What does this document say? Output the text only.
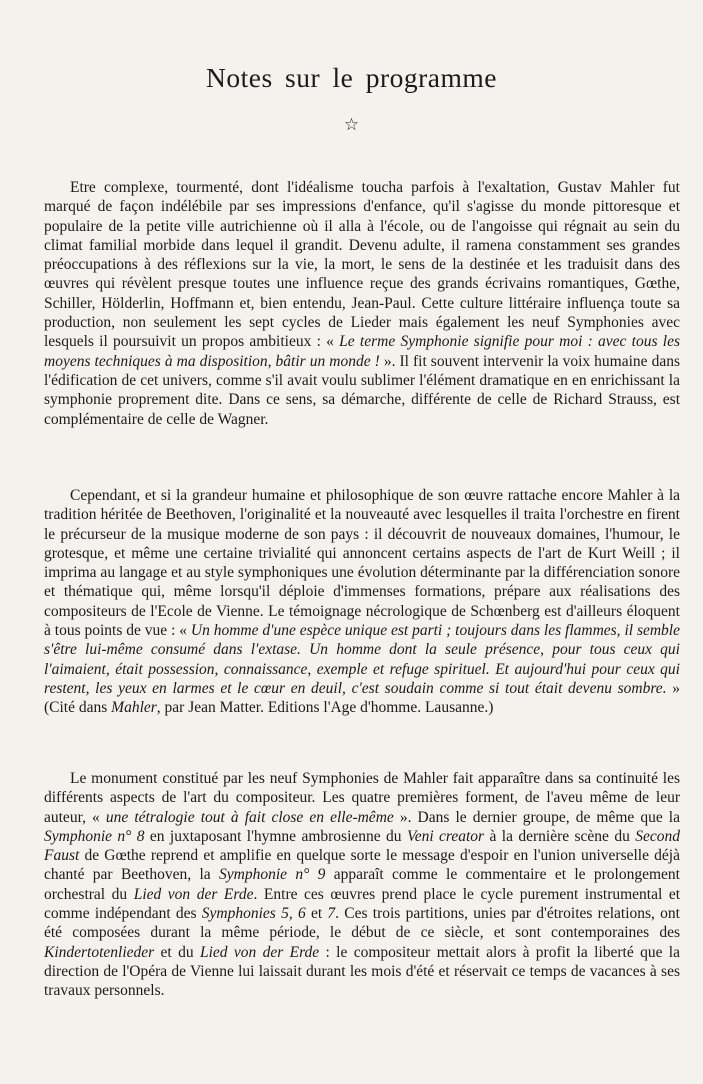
Notes sur le programme
☆

Etre complexe, tourmenté, dont l'idéalisme toucha parfois à l'exaltation, Gustav Mahler fut marqué de façon indélébile par ses impressions d'enfance, qu'il s'agisse du monde pittoresque et populaire de la petite ville autrichienne où il alla à l'école, ou de l'angoisse qui régnait au sein du climat familial morbide dans lequel il grandit. Devenu adulte, il ramena constamment ses grandes préoccupations à des réflexions sur la vie, la mort, le sens de la destinée et les traduisit dans des œuvres qui révèlent presque toutes une influence reçue des grands écrivains romantiques, Gœthe, Schiller, Hölderlin, Hoffmann et, bien entendu, Jean-Paul. Cette culture littéraire influença toute sa production, non seulement les sept cycles de Lieder mais également les neuf Symphonies avec lesquels il poursuivit un propos ambitieux : « Le terme Symphonie signifie pour moi : avec tous les moyens techniques à ma disposition, bâtir un monde ! ». Il fit souvent intervenir la voix humaine dans l'édification de cet univers, comme s'il avait voulu sublimer l'élément dramatique en en enrichissant la symphonie proprement dite. Dans ce sens, sa démarche, différente de celle de Richard Strauss, est complémentaire de celle de Wagner.

Cependant, et si la grandeur humaine et philosophique de son œuvre rattache encore Mahler à la tradition héritée de Beethoven, l'originalité et la nouveauté avec lesquelles il traita l'orchestre en firent le précurseur de la musique moderne de son pays : il découvrit de nouveaux domaines, l'humour, le grotesque, et même une certaine trivialité qui annoncent certains aspects de l'art de Kurt Weill ; il imprima au langage et au style symphoniques une évolution déterminante par la différenciation sonore et thématique qui, même lorsqu'il déploie d'immenses formations, prépare aux réalisations des compositeurs de l'Ecole de Vienne. Le témoignage nécrologique de Schœnberg est d'ailleurs éloquent à tous points de vue : « Un homme d'une espèce unique est parti ; toujours dans les flammes, il semble s'être lui-même consumé dans l'extase. Un homme dont la seule présence, pour tous ceux qui l'aimaient, était possession, connaissance, exemple et refuge spirituel. Et aujourd'hui pour ceux qui restent, les yeux en larmes et le cœur en deuil, c'est soudain comme si tout était devenu sombre. » (Cité dans Mahler, par Jean Matter. Editions l'Age d'homme. Lausanne.)

Le monument constitué par les neuf Symphonies de Mahler fait apparaître dans sa continuité les différents aspects de l'art du compositeur. Les quatre premières forment, de l'aveu même de leur auteur, « une tétralogie tout à fait close en elle-même ». Dans le dernier groupe, de même que la Symphonie n° 8 en juxtaposant l'hymne ambrosienne du Veni creator à la dernière scène du Second Faust de Gœthe reprend et amplifie en quelque sorte le message d'espoir en l'union universelle déjà chanté par Beethoven, la Symphonie n° 9 apparaît comme le commentaire et le prolongement orchestral du Lied von der Erde. Entre ces œuvres prend place le cycle purement instrumental et comme indépendant des Symphonies 5, 6 et 7. Ces trois partitions, unies par d'étroites relations, ont été composées durant la même période, le début de ce siècle, et sont contemporaines des Kindertotenlieder et du Lied von der Erde : le compositeur mettait alors à profit la liberté que la direction de l'Opéra de Vienne lui laissait durant les mois d'été et réservait ce temps de vacances à ses travaux personnels.
